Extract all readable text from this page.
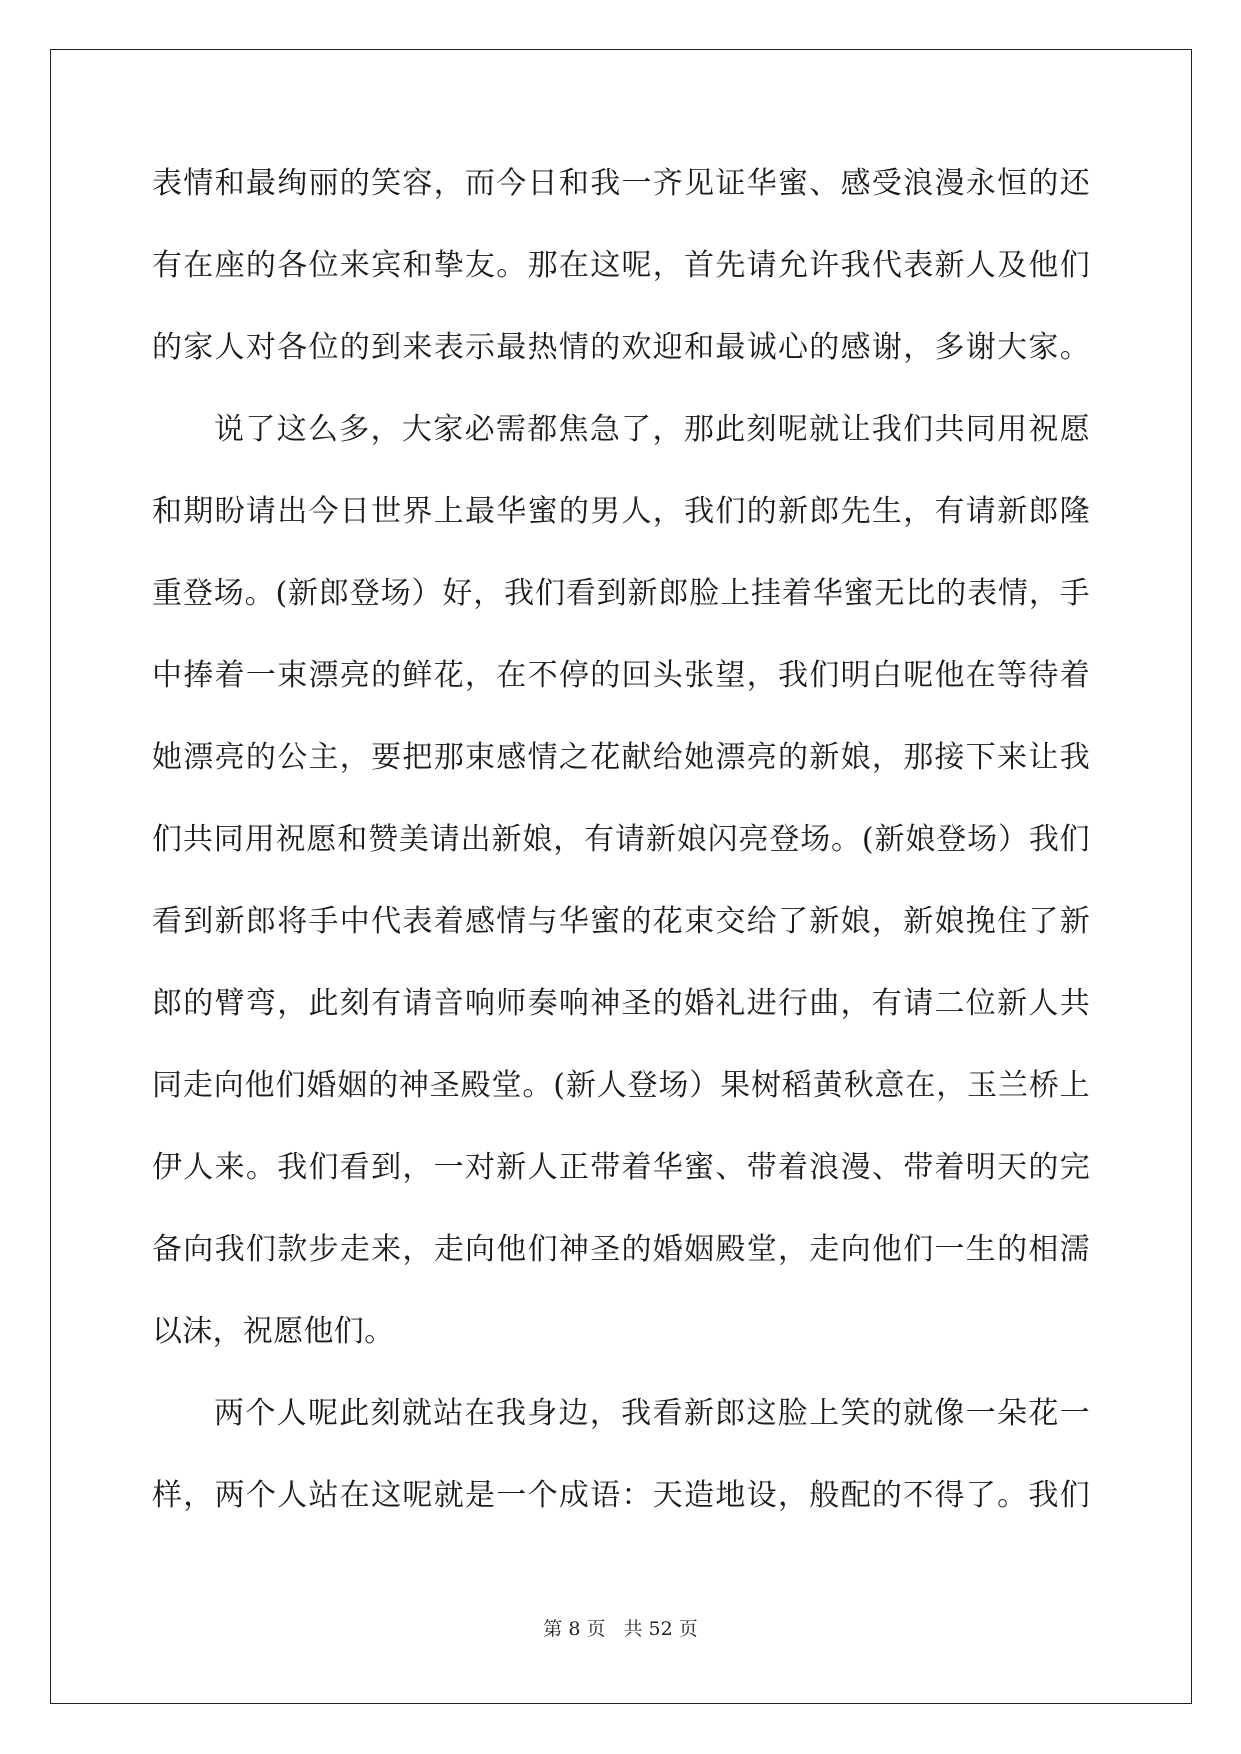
表情和最绚丽的笑容，而今日和我一齐见证华蜜、感受浪漫永恒的还
有在座的各位来宾和挚友。那在这呢，首先请允许我代表新人及他们
的家人对各位的到来表示最热情的欢迎和最诚心的感谢，多谢大家。
说了这么多，大家必需都焦急了，那此刻呢就让我们共同用祝愿
和期盼请出今日世界上最华蜜的男人，我们的新郎先生，有请新郎隆
重登场。(新郎登场）好，我们看到新郎脸上挂着华蜜无比的表情，手
中捧着一束漂亮的鲜花，在不停的回头张望，我们明白呢他在等待着
她漂亮的公主，要把那束感情之花献给她漂亮的新娘，那接下来让我
们共同用祝愿和赞美请出新娘，有请新娘闪亮登场。(新娘登场）我们
看到新郎将手中代表着感情与华蜜的花束交给了新娘，新娘挽住了新
郎的臂弯，此刻有请音响师奏响神圣的婚礼进行曲，有请二位新人共
同走向他们婚姻的神圣殿堂。(新人登场）果树稻黄秋意在，玉兰桥上
伊人来。我们看到，一对新人正带着华蜜、带着浪漫、带着明天的完
备向我们款步走来，走向他们神圣的婚姻殿堂，走向他们一生的相濡
以沫，祝愿他们。
两个人呢此刻就站在我身边，我看新郎这脸上笑的就像一朵花一
样，两个人站在这呢就是一个成语：天造地设，般配的不得了。我们
第 8 页 共 52 页
